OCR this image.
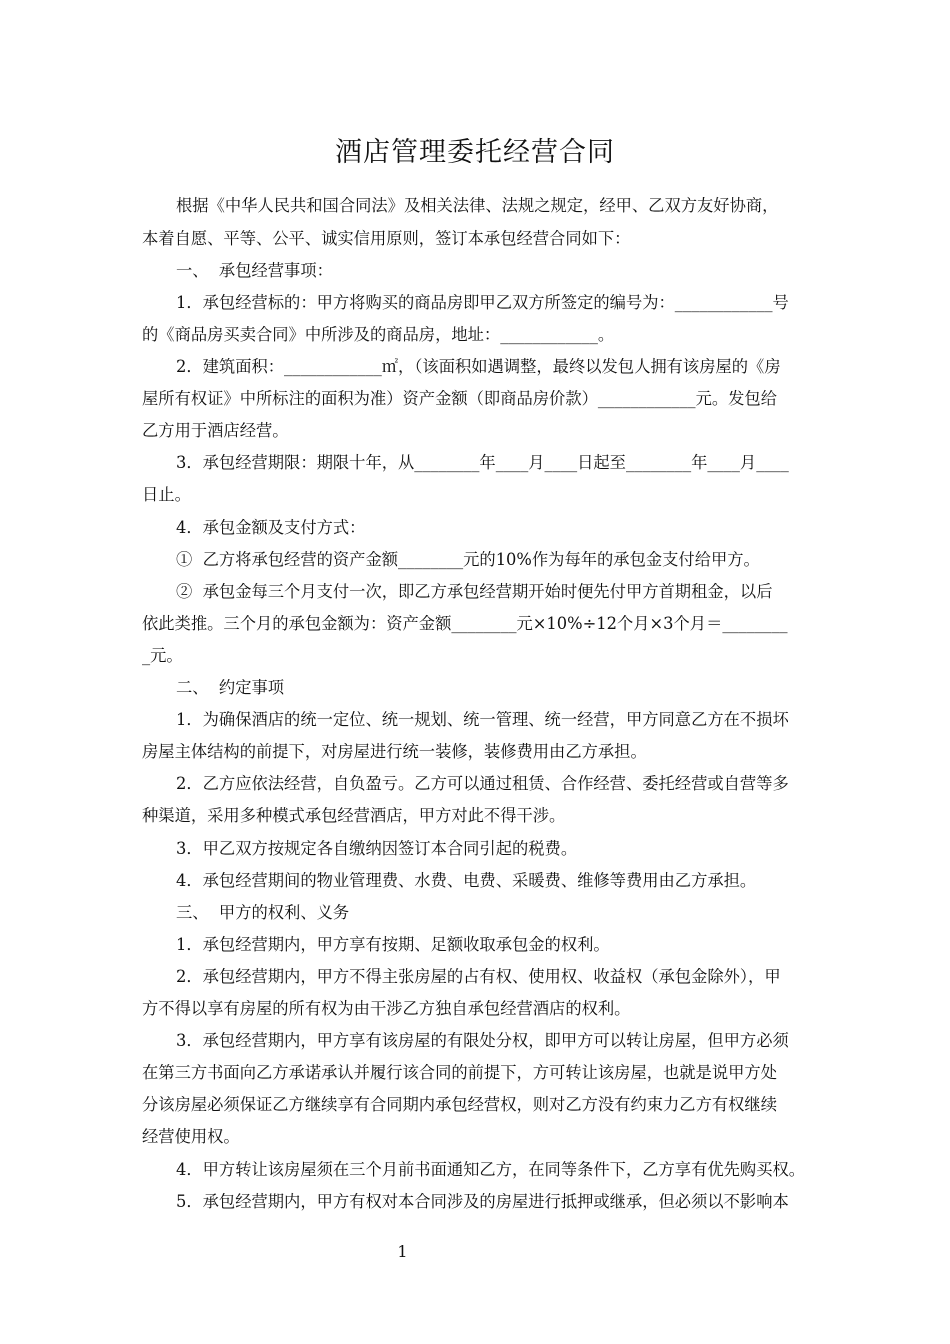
酒店管理委托经营合同
根据《中华人民共和国合同法》及相关法律、法规之规定，经甲、乙双方友好协商，
本着自愿、平等、公平、诚实信用原则，签订本承包经营合同如下：
一、  承包经营事项：
1．承包经营标的：甲方将购买的商品房即甲乙双方所签定的编号为：____________号
的《商品房买卖合同》中所涉及的商品房，地址：____________。
2．建筑面积：____________㎡，（该面积如遇调整，最终以发包人拥有该房屋的《房
屋所有权证》中所标注的面积为准）资产金额（即商品房价款）____________元。发包给
乙方用于酒店经营。
3．承包经营期限：期限十年，从________年____月____日起至________年____月____
日止。
4．承包金额及支付方式：
①  乙方将承包经营的资产金额________元的10%作为每年的承包金支付给甲方。
②  承包金每三个月支付一次，即乙方承包经营期开始时便先付甲方首期租金，以后
依此类推。三个月的承包金额为：资产金额________元×10%÷12个月×3个月＝________
_元。
二、  约定事项
1．为确保酒店的统一定位、统一规划、统一管理、统一经营，甲方同意乙方在不损坏
房屋主体结构的前提下，对房屋进行统一装修，装修费用由乙方承担。
2．乙方应依法经营，自负盈亏。乙方可以通过租赁、合作经营、委托经营或自营等多
种渠道，采用多种模式承包经营酒店，甲方对此不得干涉。
3．甲乙双方按规定各自缴纳因签订本合同引起的税费。
4．承包经营期间的物业管理费、水费、电费、采暖费、维修等费用由乙方承担。
三、  甲方的权利、义务
1．承包经营期内，甲方享有按期、足额收取承包金的权利。
2．承包经营期内，甲方不得主张房屋的占有权、使用权、收益权（承包金除外），甲
方不得以享有房屋的所有权为由干涉乙方独自承包经营酒店的权利。
3．承包经营期内，甲方享有该房屋的有限处分权，即甲方可以转让房屋，但甲方必须
在第三方书面向乙方承诺承认并履行该合同的前提下，方可转让该房屋，也就是说甲方处
分该房屋必须保证乙方继续享有合同期内承包经营权，则对乙方没有约束力乙方有权继续
经营使用权。
4．甲方转让该房屋须在三个月前书面通知乙方，在同等条件下，乙方享有优先购买权。
5．承包经营期内，甲方有权对本合同涉及的房屋进行抵押或继承，但必须以不影响本
1
